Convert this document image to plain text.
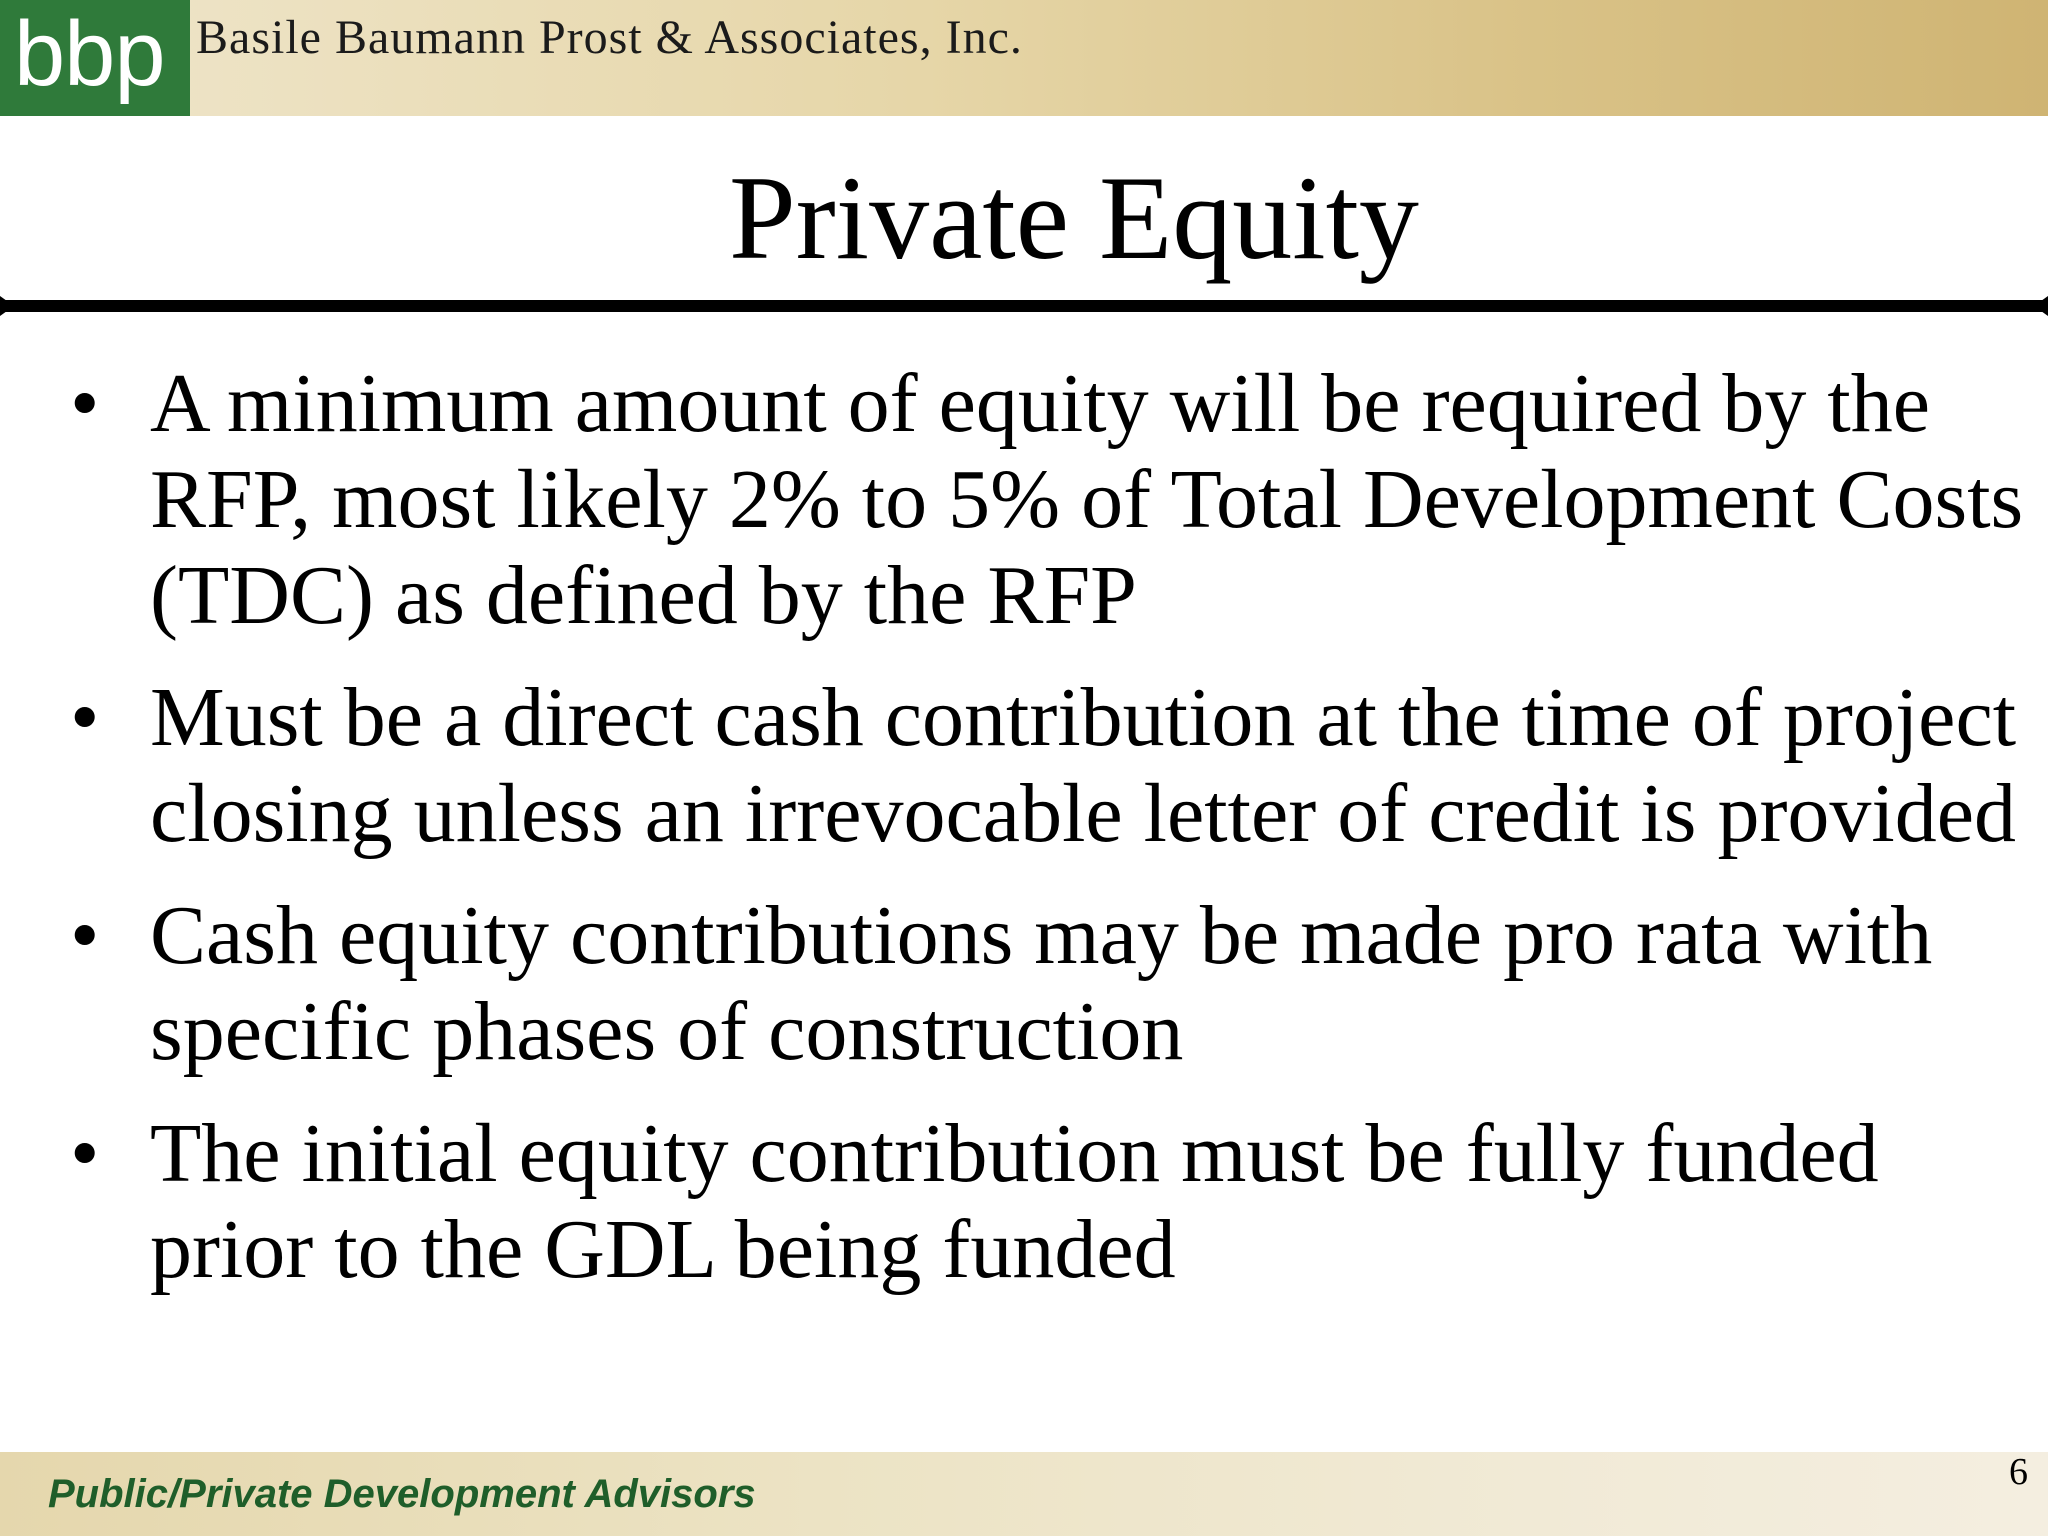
bbp Basile Baumann Prost & Associates, Inc.
Private Equity
• A minimum amount of equity will be required by the RFP, most likely 2% to 5% of Total Development Costs (TDC) as defined by the RFP
• Must be a direct cash contribution at the time of project closing unless an irrevocable letter of credit is provided
• Cash equity contributions may be made pro rata with specific phases of construction
• The initial equity contribution must be fully funded prior to the GDL being funded
Public/Private Development Advisors	6
